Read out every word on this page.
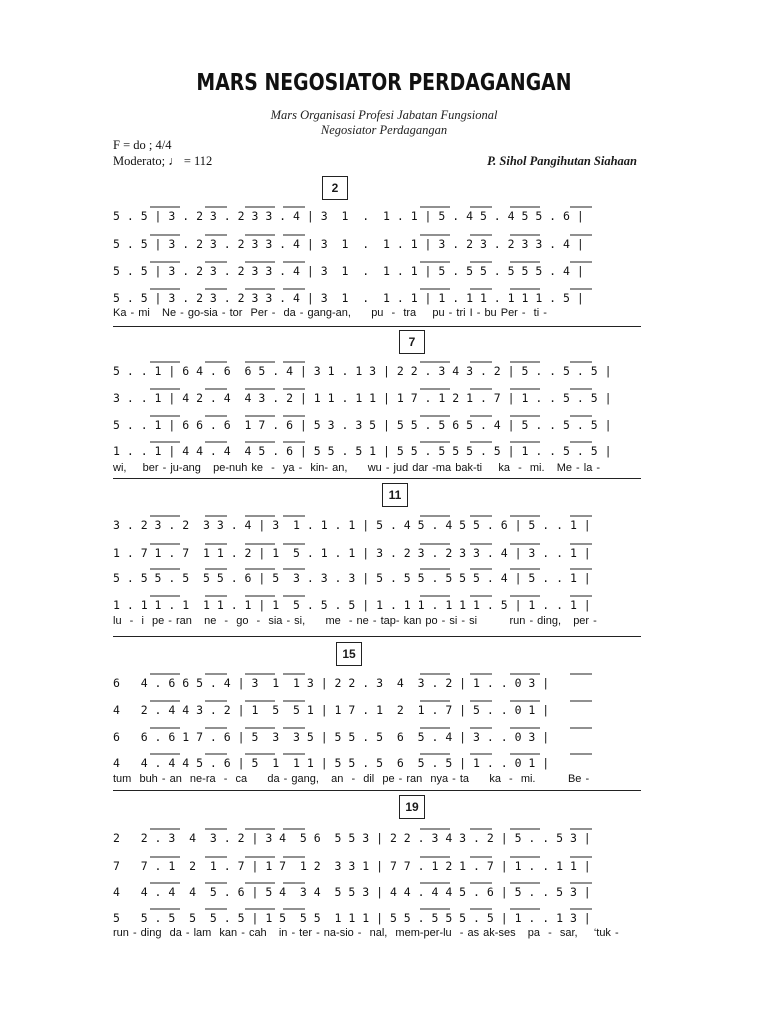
MARS NEGOSIATOR PERDAGANGAN
Mars Organisasi Profesi Jabatan Fungsional
Negosiator Perdagangan
F = do ; 4/4
Moderato; ♩ = 112	P. Sihol Pangihutan Siahaan
2
5 . 5 | 3 . 2 3 . 2 3 3 . 4 | 3  1  .  1 . 1 | 5 . 4 5 . 4 5 5 . 6 |
5 . 5 | 3 . 2 3 . 2 3 3 . 4 | 3  1  .  1 . 1 | 3 . 2 3 . 2 3 3 . 4 |
5 . 5 | 3 . 2 3 . 2 3 3 . 4 | 3  1  .  1 . 1 | 5 . 5 5 . 5 5 5 . 4 |
5 . 5 | 3 . 2 3 . 2 3 3 . 4 | 3  1  .  1 . 1 | 1 . 1 1 . 1 1 1 . 5 |
Ka - mi   Ne - go-sia - tor  Per -  da - gang-an,     pu  -  tra    pu - tri I - bu Per -  ti -
7
5 . . 1 | 6 4 . 6  6 5 . 4 | 3 1 . 1 3 | 2 2 . 3 4 3 . 2 | 5 . . 5 . 5 |
3 . . 1 | 4 2 . 4  4 3 . 2 | 1 1 . 1 1 | 1 7 . 1 2 1 . 7 | 1 . . 5 . 5 |
5 . . 1 | 6 6 . 6  1 7 . 6 | 5 3 . 3 5 | 5 5 . 5 6 5 . 4 | 5 . . 5 . 5 |
1 . . 1 | 4 4 . 4  4 5 . 6 | 5 5 . 5 1 | 5 5 . 5 5 5 . 5 | 1 . . 5 . 5 |
wi,    ber - ju-ang   pe-nuh ke  -  ya -  kin- an,     wu - jud dar -ma bak-ti    ka  -  mi.   Me - la -
11
3 . 2 3 . 2  3 3 . 4 | 3  1 . 1 . 1 | 5 . 4 5 . 4 5 5 . 6 | 5 . . 1 |
1 . 7 1 . 7  1 1 . 2 | 1  5 . 1 . 1 | 3 . 2 3 . 2 3 3 . 4 | 3 . . 1 |
5 . 5 5 . 5  5 5 . 6 | 5  3 . 3 . 3 | 5 . 5 5 . 5 5 5 . 4 | 5 . . 1 |
1 . 1 1 . 1  1 1 . 1 | 1  5 . 5 . 5 | 1 . 1 1 . 1 1 1 . 5 | 1 . . 1 |
lu  -  i  pe - ran   ne  -  go  -  sia - si,     me  - ne - tap- kan po - si - si        run - ding,   per -
15
6   4 . 6 6 5 . 4 | 3  1  1 3 | 2 2 . 3  4  3 . 2 | 1 . . 0 3 |
4   2 . 4 4 3 . 2 | 1  5  5 1 | 1 7 . 1  2  1 . 7 | 5 . . 0 1 |
6   6 . 6 1 7 . 6 | 5  3  3 5 | 5 5 . 5  6  5 . 4 | 3 . . 0 3 |
4   4 . 4 4 5 . 6 | 5  1  1 1 | 5 5 . 5  6  5 . 5 | 1 . . 0 1 |
tum  buh - an  ne-ra  -  ca     da - gang,   an  -  dil  pe - ran  nya - ta     ka  -  mi.        Be -
19
2   2 . 3  4  3 . 2 | 3 4  5 6  5 5 3 | 2 2 . 3 4 3 . 2 | 5 . . 5 3 |
7   7 . 1  2  1 . 7 | 1 7  1 2  3 3 1 | 7 7 . 1 2 1 . 7 | 1 . . 1 1 |
4   4 . 4  4  5 . 6 | 5 4  3 4  5 5 3 | 4 4 . 4 4 5 . 6 | 5 . . 5 3 |
5   5 . 5  5  5 . 5 | 1 5  5 5  1 1 1 | 5 5 . 5 5 5 . 5 | 1 . . 1 3 |
run - ding  da - lam  kan - cah   in - ter - na-sio -  nal,  mem-per-lu  - as ak-ses   pa  -  sar,    ‘tuk -
